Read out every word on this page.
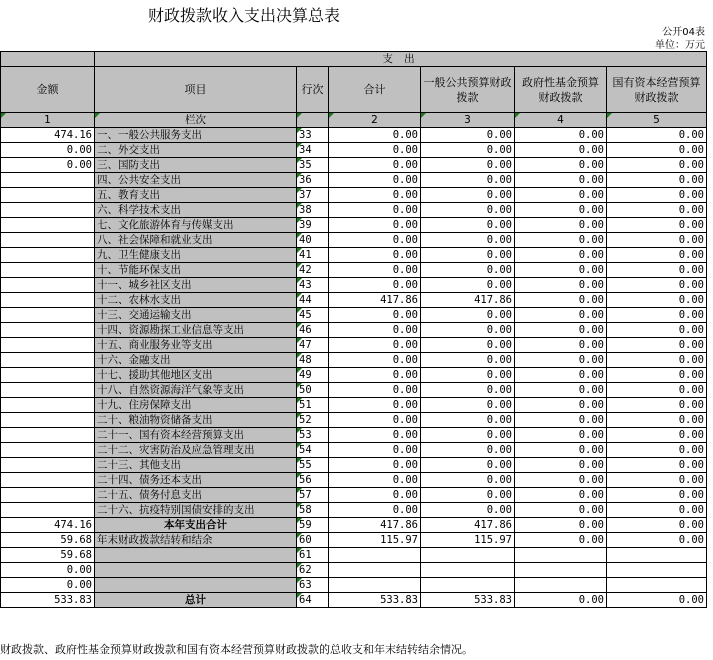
财政拨款收入支出决算总表
公开04表
单位：万元
	支 出					
金额	项目	行次	合计	一般公共预算财政拨款	政府性基金预算财政拨款	国有资本经营预算财政拨款
1	栏次		2	3	4	5
474.16	一、一般公共服务支出	33	0.00	0.00	0.00	0.00
0.00	二、外交支出	34	0.00	0.00	0.00	0.00
0.00	三、国防支出	35	0.00	0.00	0.00	0.00
	四、公共安全支出	36	0.00	0.00	0.00	0.00
	五、教育支出	37	0.00	0.00	0.00	0.00
	六、科学技术支出	38	0.00	0.00	0.00	0.00
	七、文化旅游体育与传媒支出	39	0.00	0.00	0.00	0.00
	八、社会保障和就业支出	40	0.00	0.00	0.00	0.00
	九、卫生健康支出	41	0.00	0.00	0.00	0.00
	十、节能环保支出	42	0.00	0.00	0.00	0.00
	十一、城乡社区支出	43	0.00	0.00	0.00	0.00
	十二、农林水支出	44	417.86	417.86	0.00	0.00
	十三、交通运输支出	45	0.00	0.00	0.00	0.00
	十四、资源勘探工业信息等支出	46	0.00	0.00	0.00	0.00
	十五、商业服务业等支出	47	0.00	0.00	0.00	0.00
	十六、金融支出	48	0.00	0.00	0.00	0.00
	十七、援助其他地区支出	49	0.00	0.00	0.00	0.00
	十八、自然资源海洋气象等支出	50	0.00	0.00	0.00	0.00
	十九、住房保障支出	51	0.00	0.00	0.00	0.00
	二十、粮油物资储备支出	52	0.00	0.00	0.00	0.00
	二十一、国有资本经营预算支出	53	0.00	0.00	0.00	0.00
	二十二、灾害防治及应急管理支出	54	0.00	0.00	0.00	0.00
	二十三、其他支出	55	0.00	0.00	0.00	0.00
	二十四、债务还本支出	56	0.00	0.00	0.00	0.00
	二十五、债务付息支出	57	0.00	0.00	0.00	0.00
	二十六、抗疫特别国债安排的支出	58	0.00	0.00	0.00	0.00
474.16	本年支出合计	59	417.86	417.86	0.00	0.00
59.68	年末财政拨款结转和结余	60	115.97	115.97	0.00	0.00
59.68		61				
0.00		62				
0.00		63				
533.83	总计	64	533.83	533.83	0.00	0.00
财政拨款、政府性基金预算财政拨款和国有资本经营预算财政拨款的总收支和年末结转结余情况。
